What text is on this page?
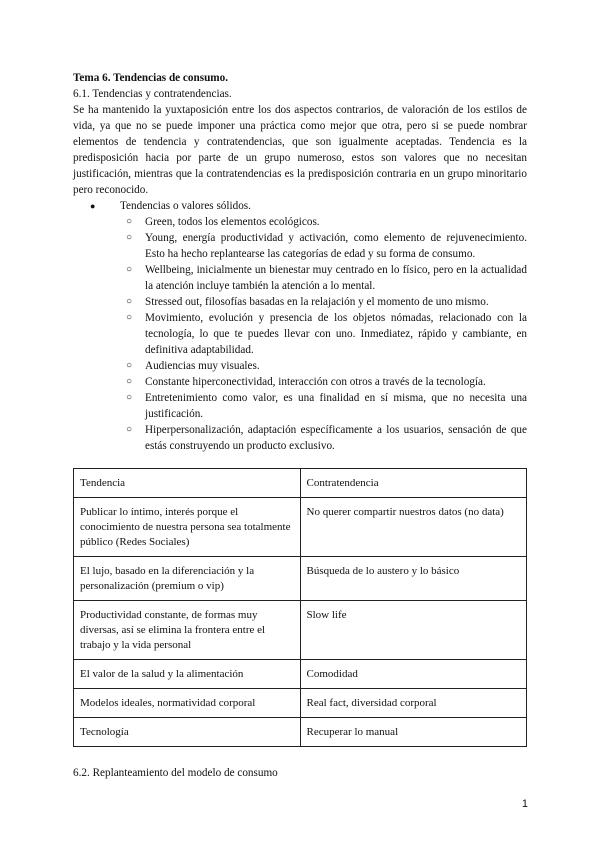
Tema 6. Tendencias de consumo.

6.1. Tendencias y contratendencias.

Se ha mantenido la yuxtaposición entre los dos aspectos contrarios, de valoración de los estilos de vida, ya que no se puede imponer una práctica como mejor que otra, pero si se puede nombrar elementos de tendencia y contratendencias, que son igualmente aceptadas. Tendencia es la predisposición hacia por parte de un grupo numeroso, estos son valores que no necesitan justificación, mientras que la contratendencias es la predisposición contraria en un grupo minoritario pero reconocido.

● Tendencias o valores sólidos.
○ Green, todos los elementos ecológicos.
○ Young, energía productividad y activación, como elemento de rejuvenecimiento. Esto ha hecho replantearse las categorías de edad y su forma de consumo.
○ Wellbeing, inicialmente un bienestar muy centrado en lo físico, pero en la actualidad la atención incluye también la atención a lo mental.
○ Stressed out, filosofías basadas en la relajación y el momento de uno mismo.
○ Movimiento, evolución y presencia de los objetos nómadas, relacionado con la tecnología, lo que te puedes llevar con uno. Inmediatez, rápido y cambiante, en definitiva adaptabilidad.
○ Audiencias muy visuales.
○ Constante hiperconectividad, interacción con otros a través de la tecnología.
○ Entretenimiento como valor, es una finalidad en sí misma, que no necesita una justificación.
○ Hiperpersonalización, adaptación específicamente a los usuarios, sensación de que estás construyendo un producto exclusivo.
Tendencia	Contratendencia
Publicar lo íntimo, interés porque el conocimiento de nuestra persona sea totalmente público (Redes Sociales)	No querer compartir nuestros datos (no data)
El lujo, basado en la diferenciación y la personalización (premium o vip)	Búsqueda de lo austero y lo básico
Productividad constante, de formas muy diversas, así se elimina la frontera entre el trabajo y la vida personal	Slow life
El valor de la salud y la alimentación	Comodidad
Modelos ideales, normatividad corporal	Real fact, diversidad corporal
Tecnología	Recuperar lo manual

6.2. Replanteamiento del modelo de consumo

1
